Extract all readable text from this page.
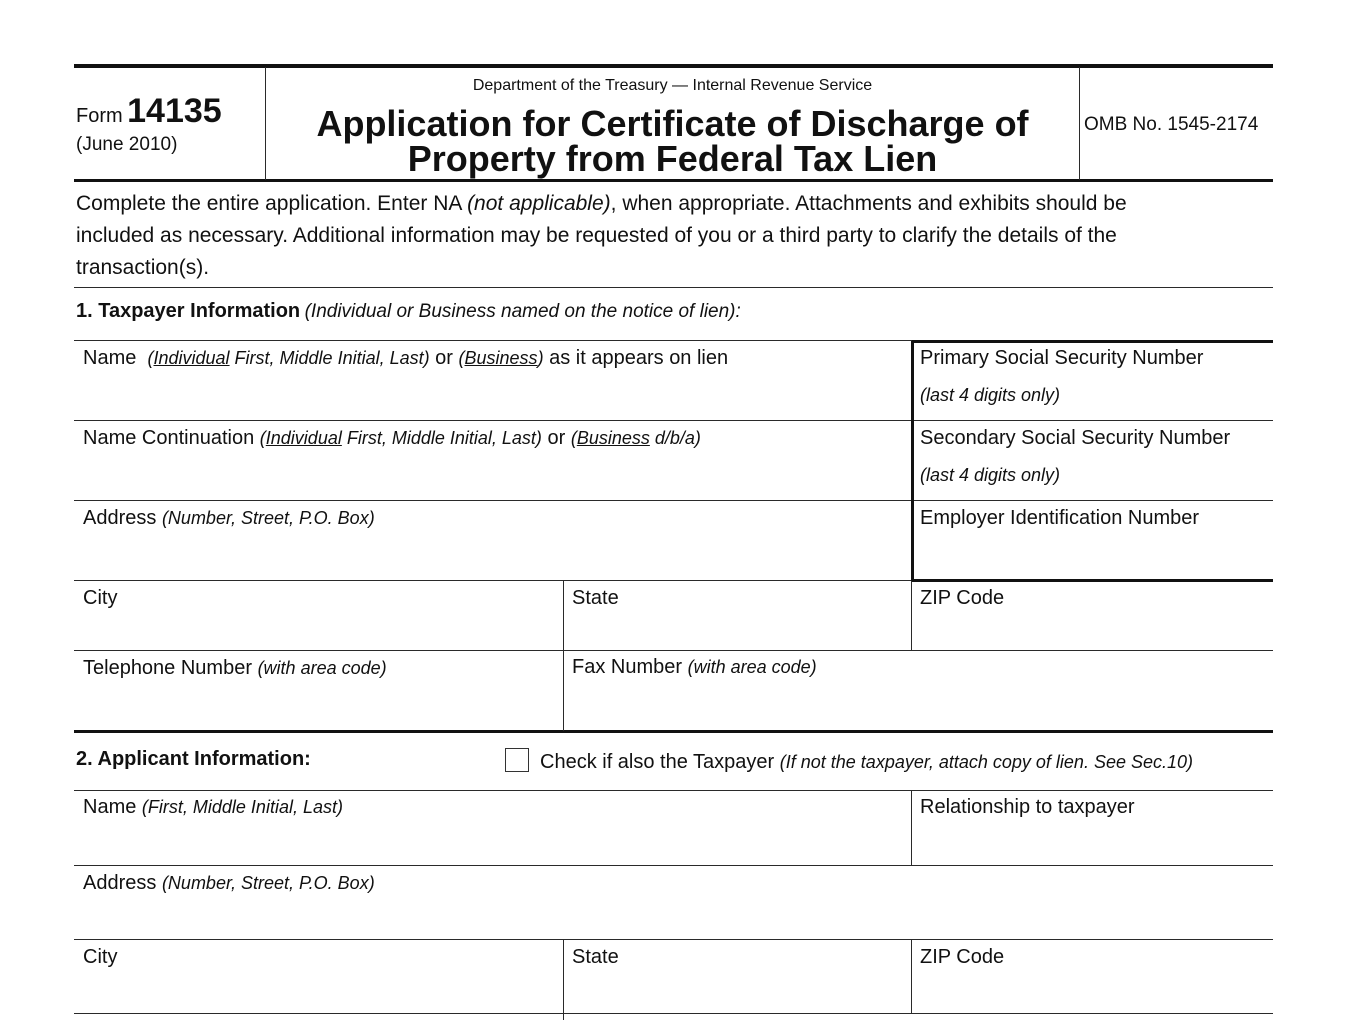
Form 14135
(June 2010)
Department of the Treasury — Internal Revenue Service
Application for Certificate of Discharge of
Property from Federal Tax Lien
OMB No. 1545-2174
Complete the entire application. Enter NA (not applicable), when appropriate. Attachments and exhibits should be
included as necessary. Additional information may be requested of you or a third party to clarify the details of the
transaction(s).
1. Taxpayer Information (Individual or Business named on the notice of lien):
Name (Individual First, Middle Initial, Last) or (Business) as it appears on lien	Primary Social Security Number
(last 4 digits only)
Name Continuation (Individual First, Middle Initial, Last) or (Business d/b/a)	Secondary Social Security Number
(last 4 digits only)
Address (Number, Street, P.O. Box)	Employer Identification Number
City	State	ZIP Code
Telephone Number (with area code)	Fax Number (with area code)
2. Applicant Information:	Check if also the Taxpayer (If not the taxpayer, attach copy of lien. See Sec.10)
Name (First, Middle Initial, Last)	Relationship to taxpayer
Address (Number, Street, P.O. Box)
City	State	ZIP Code
